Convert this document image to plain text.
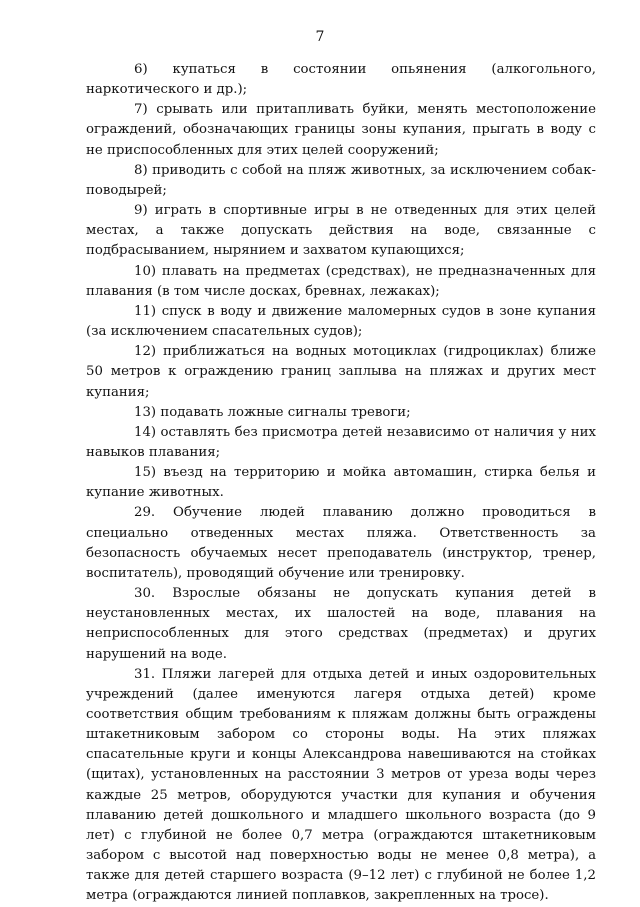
7

6) купаться в состоянии опьянения (алкогольного, наркотического и др.);

7) срывать или притапливать буйки, менять местоположение ограждений, обозначающих границы зоны купания, прыгать в воду с не приспособленных для этих целей сооружений;

8) приводить с собой на пляж животных, за исключением собак-поводырей;

9) играть в спортивные игры в не отведенных для этих целей местах, а также допускать действия на воде, связанные с подбрасыванием, нырянием и захватом купающихся;

10) плавать на предметах (средствах), не предназначенных для плавания (в том числе досках, бревнах, лежаках);

11) спуск в воду и движение маломерных судов в зоне купания (за исключением спасательных судов);

12) приближаться на водных мотоциклах (гидроциклах) ближе 50 метров к ограждению границ заплыва на пляжах и других мест купания;

13) подавать ложные сигналы тревоги;

14) оставлять без присмотра детей независимо от наличия у них навыков плавания;

15) въезд на территорию и мойка автомашин, стирка белья и купание животных.

29. Обучение людей плаванию должно проводиться в специально отведенных местах пляжа. Ответственность за безопасность обучаемых несет преподаватель (инструктор, тренер, воспитатель), проводящий обучение или тренировку.

30. Взрослые обязаны не допускать купания детей в неустановленных местах, их шалостей на воде, плавания на неприспособленных для этого средствах (предметах) и других нарушений на воде.

31. Пляжи лагерей для отдыха детей и иных оздоровительных учреждений (далее именуются лагеря отдыха детей) кроме соответствия общим требованиям к пляжам должны быть ограждены штакетниковым забором со стороны воды. На этих пляжах спасательные круги и концы Александрова навешиваются на стойках (щитах), установленных на расстоянии 3 метров от уреза воды через каждые 25 метров, оборудуются участки для купания и обучения плаванию детей дошкольного и младшего школьного возраста (до 9 лет) с глубиной не более 0,7 метра (ограждаются штакетниковым забором с высотой над поверхностью воды не менее 0,8 метра), а также для детей старшего возраста (9–12 лет) с глубиной не более 1,2 метра (ограждаются линией поплавков, закрепленных на тросе).
